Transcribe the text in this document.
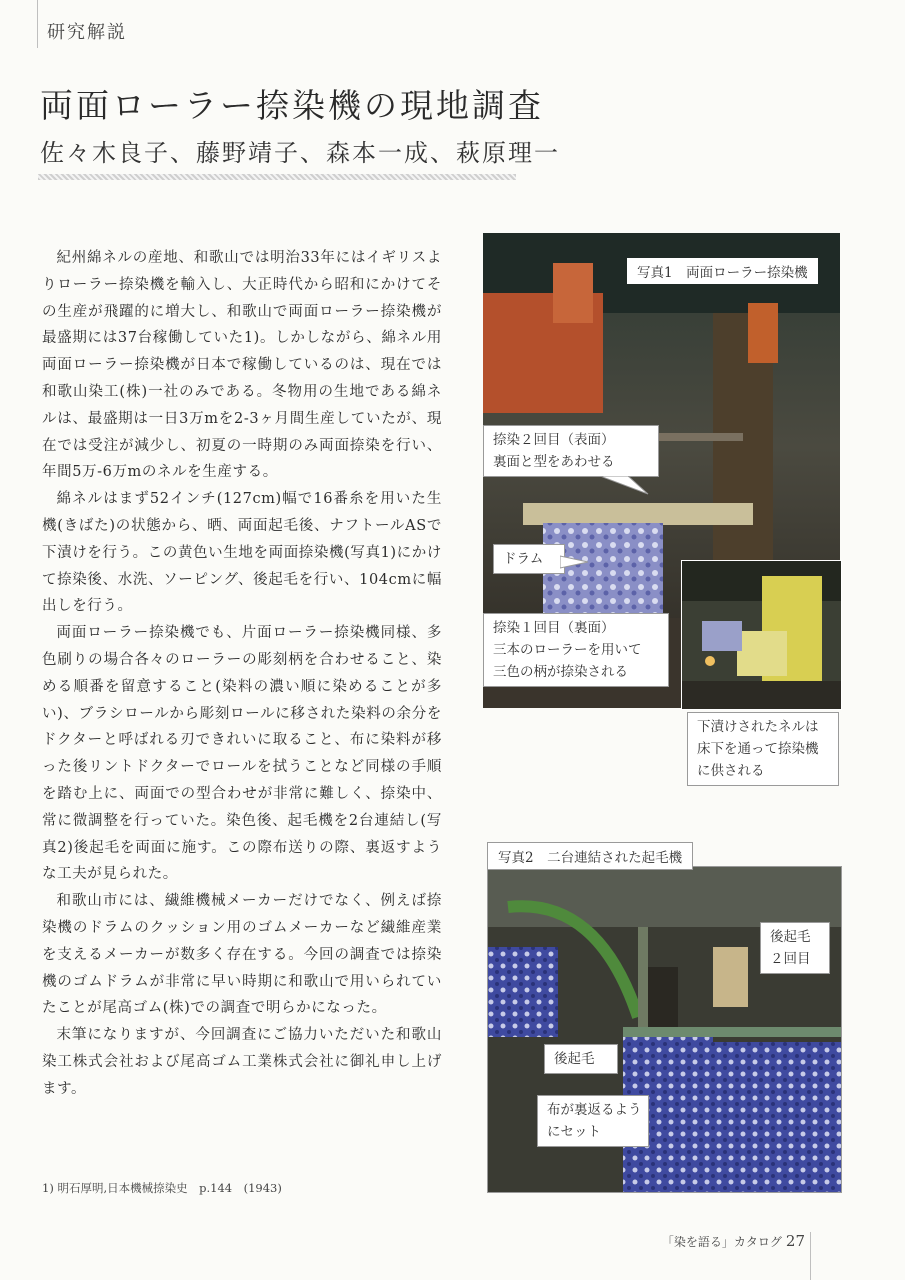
研究解説
両面ローラー捺染機の現地調査
佐々木良子、藤野靖子、森本一成、萩原理一

紀州綿ネルの産地、和歌山では明治33年にはイギリスよりローラー捺染機を輸入し、大正時代から昭和にかけてその生産が飛躍的に増大し、和歌山で両面ローラー捺染機が最盛期には37台稼働していた1)。しかしながら、綿ネル用両面ローラー捺染機が日本で稼働しているのは、現在では和歌山染工(株)一社のみである。冬物用の生地である綿ネルは、最盛期は一日3万mを2-3ヶ月間生産していたが、現在では受注が減少し、初夏の一時期のみ両面捺染を行い、年間5万-6万mのネルを生産する。

綿ネルはまず52インチ(127cm)幅で16番糸を用いた生機(きばた)の状態から、晒、両面起毛後、ナフトールASで下漬けを行う。この黄色い生地を両面捺染機(写真1)にかけて捺染後、水洗、ソーピング、後起毛を行い、104cmに幅出しを行う。

両面ローラー捺染機でも、片面ローラー捺染機同様、多色刷りの場合各々のローラーの彫刻柄を合わせること、染める順番を留意すること(染料の濃い順に染めることが多い)、ブラシロールから彫刻ロールに移された染料の余分をドクターと呼ばれる刃できれいに取ること、布に染料が移った後リントドクターでロールを拭うことなど同様の手順を踏む上に、両面での型合わせが非常に難しく、捺染中、常に微調整を行っていた。染色後、起毛機を2台連結し(写真2)後起毛を両面に施す。この際布送りの際、裏返すような工夫が見られた。

和歌山市には、繊維機械メーカーだけでなく、例えば捺染機のドラムのクッション用のゴムメーカーなど繊維産業を支えるメーカーが数多く存在する。今回の調査では捺染機のゴムドラムが非常に早い時期に和歌山で用いられていたことが尾高ゴム(株)での調査で明らかになった。

末筆になりますが、今回調査にご協力いただいた和歌山染工株式会社および尾高ゴム工業株式会社に御礼申し上げます。

写真1　両面ローラー捺染機
捺染２回目（表面）
裏面と型をあわせる
ドラム
捺染１回目（裏面）
三本のローラーを用いて
三色の柄が捺染される
下漬けされたネルは
床下を通って捺染機
に供される
写真2　二台連結された起毛機
後起毛
２回目
後起毛
布が裏返るよう
にセット
1) 明石厚明,日本機械捺染史　p.144　(1943)
「染を語る」カタログ 27
